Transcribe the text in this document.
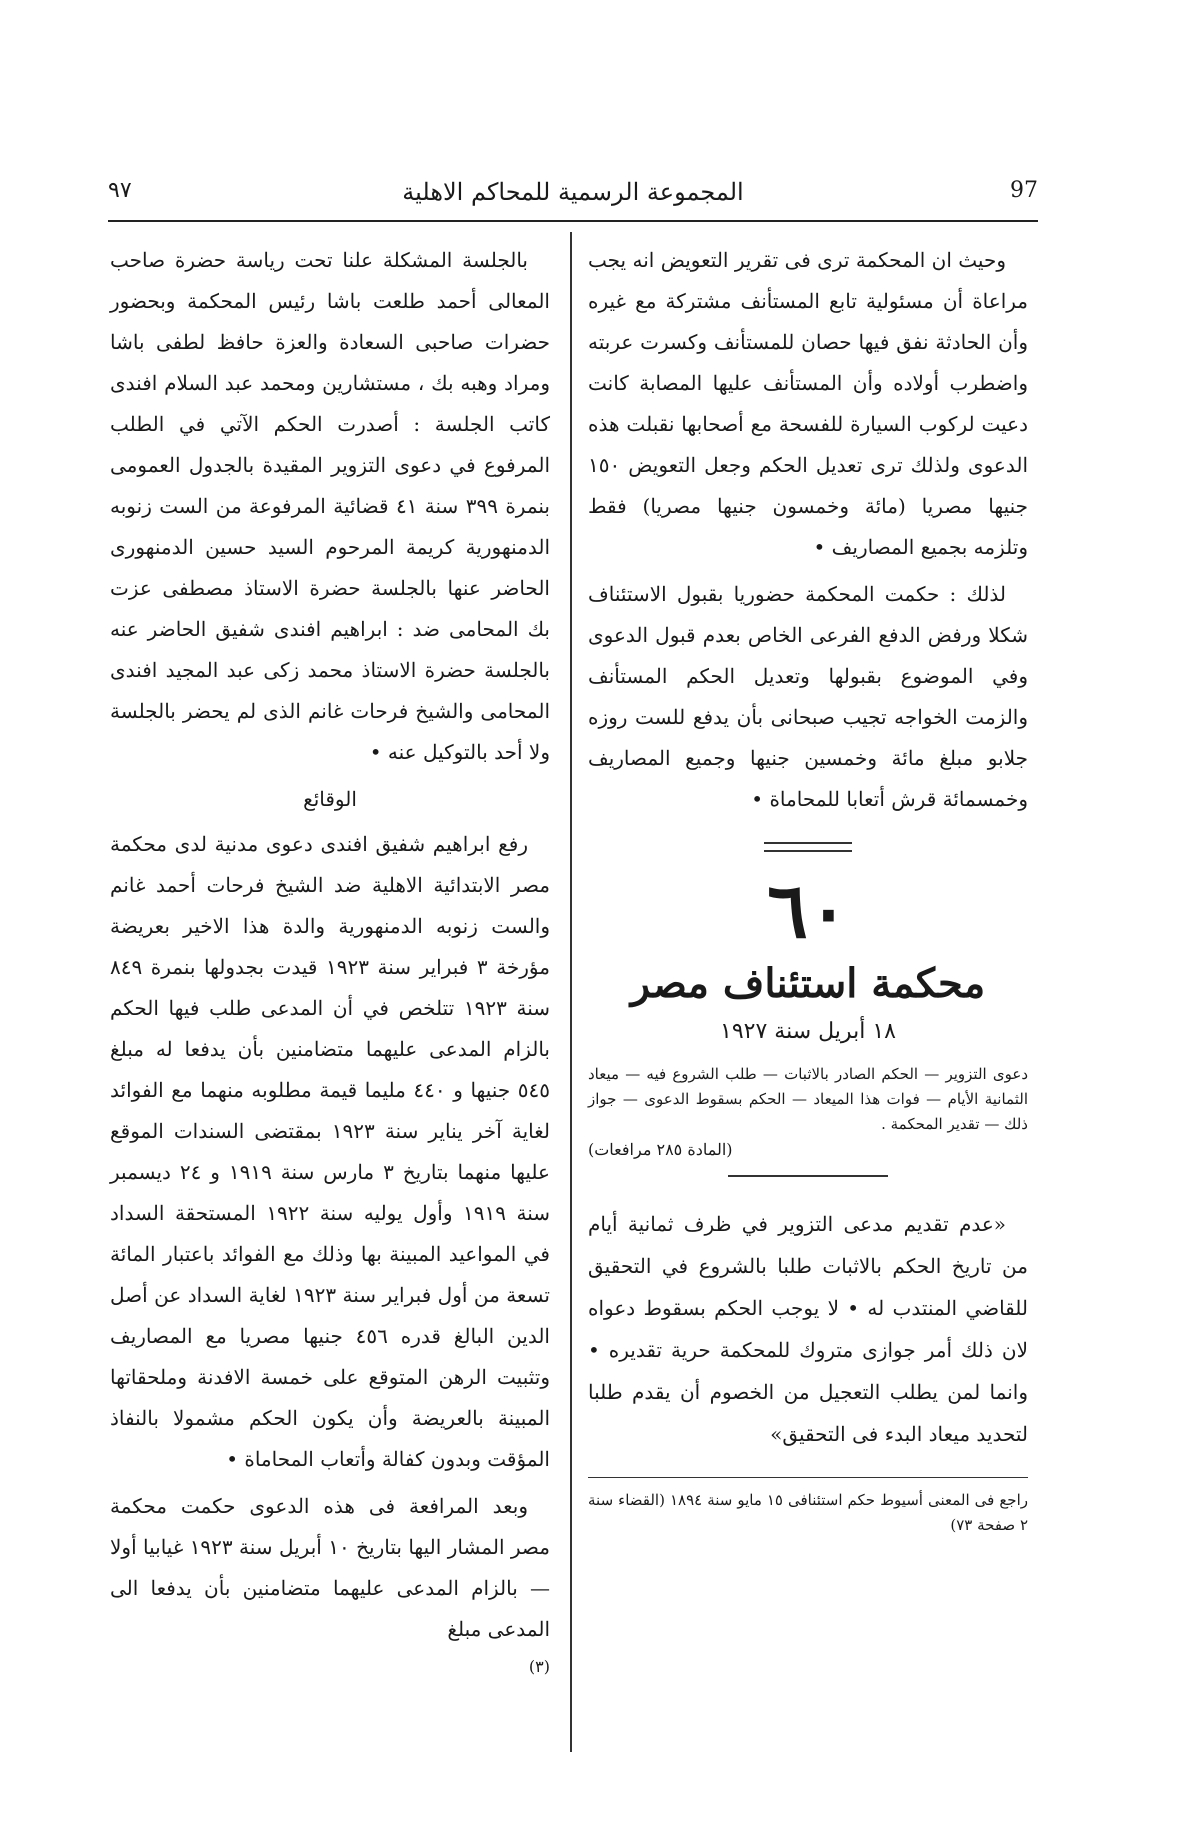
٩٧	المجموعة الرسمية للمحاكم الاهلية	97

وحيث ان المحكمة ترى فى تقرير التعويض انه يجب مراعاة أن مسئولية تابع المستأنف مشتركة مع غيره وأن الحادثة نفق فيها حصان للمستأنف وكسرت عربته واضطرب أولاده وأن المستأنف عليها المصابة كانت دعيت لركوب السيارة للفسحة مع أصحابها نقبلت هذه الدعوى ولذلك ترى تعديل الحكم وجعل التعويض ١٥٠ جنيها مصريا (مائة وخمسون جنيها مصريا) فقط وتلزمه بجميع المصاريف •

لذلك : حكمت المحكمة حضوريا بقبول الاستئناف شكلا ورفض الدفع الفرعى الخاص بعدم قبول الدعوى وفي الموضوع بقبولها وتعديل الحكم المستأنف والزمت الخواجه تجيب صبحانى بأن يدفع للست روزه جلابو مبلغ مائة وخمسين جنيها وجميع المصاريف وخمسمائة قرش أتعابا للمحاماة •

٦٠
محكمة استئناف مصر
١٨ أبريل سنة ١٩٢٧
دعوى التزوير — الحكم الصادر بالاثبات — طلب الشروع فيه — ميعاد الثمانية الأيام — فوات هذا الميعاد — الحكم بسقوط الدعوى — جواز ذلك — تقدير المحكمة .
(المادة ٢٨٥ مرافعات)

«عدم تقديم مدعى التزوير في ظرف ثمانية أيام من تاريخ الحكم بالاثبات طلبا بالشروع في التحقيق للقاضي المنتدب له • لا يوجب الحكم بسقوط دعواه لان ذلك أمر جوازى متروك للمحكمة حرية تقديره • وانما لمن يطلب التعجيل من الخصوم أن يقدم طلبا لتحديد ميعاد البدء فى التحقيق»

راجع فى المعنى أسيوط حكم استئنافى ١٥ مايو سنة ١٨٩٤ (القضاء سنة ٢ صفحة ٧٣)

بالجلسة المشكلة علنا تحت رياسة حضرة صاحب المعالى أحمد طلعت باشا رئيس المحكمة وبحضور حضرات صاحبى السعادة والعزة حافظ لطفى باشا ومراد وهبه بك ، مستشارين ومحمد عبد السلام افندى كاتب الجلسة : أصدرت الحكم الآتي في الطلب المرفوع في دعوى التزوير المقيدة بالجدول العمومى بنمرة ٣٩٩ سنة ٤١ قضائية المرفوعة من الست زنوبه الدمنهورية كريمة المرحوم السيد حسين الدمنهورى الحاضر عنها بالجلسة حضرة الاستاذ مصطفى عزت بك المحامى ضد : ابراهيم افندى شفيق الحاضر عنه بالجلسة حضرة الاستاذ محمد زكى عبد المجيد افندى المحامى والشيخ فرحات غانم الذى لم يحضر بالجلسة ولا أحد بالتوكيل عنه •

الوقائع

رفع ابراهيم شفيق افندى دعوى مدنية لدى محكمة مصر الابتدائية الاهلية ضد الشيخ فرحات أحمد غانم والست زنوبه الدمنهورية والدة هذا الاخير بعريضة مؤرخة ٣ فبراير سنة ١٩٢٣ قيدت بجدولها بنمرة ٨٤٩ سنة ١٩٢٣ تتلخص في أن المدعى طلب فيها الحكم بالزام المدعى عليهما متضامنين بأن يدفعا له مبلغ ٥٤٥ جنيها و ٤٤٠ مليما قيمة مطلوبه منهما مع الفوائد لغاية آخر يناير سنة ١٩٢٣ بمقتضى السندات الموقع عليها منهما بتاريخ ٣ مارس سنة ١٩١٩ و ٢٤ ديسمبر سنة ١٩١٩ وأول يوليه سنة ١٩٢٢ المستحقة السداد في المواعيد المبينة بها وذلك مع الفوائد باعتبار المائة تسعة من أول فبراير سنة ١٩٢٣ لغاية السداد عن أصل الدين البالغ قدره ٤٥٦ جنيها مصريا مع المصاريف وتثبيت الرهن المتوقع على خمسة الافدنة وملحقاتها المبينة بالعريضة وأن يكون الحكم مشمولا بالنفاذ المؤقت وبدون كفالة وأتعاب المحاماة •

وبعد المرافعة فى هذه الدعوى حكمت محكمة مصر المشار اليها بتاريخ ١٠ أبريل سنة ١٩٢٣ غيابيا أولا — بالزام المدعى عليهما متضامنين بأن يدفعا الى المدعى مبلغ

(٣)
